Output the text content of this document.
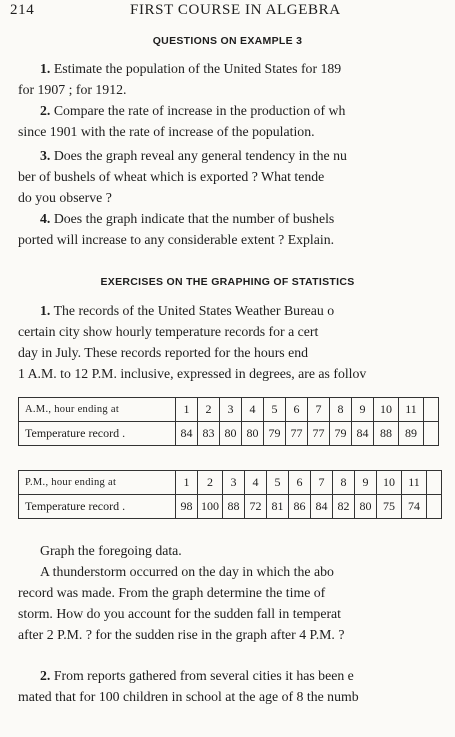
214	FIRST COURSE IN ALGEBRA
QUESTIONS ON EXAMPLE 3
1. Estimate the population of the United States for 189
for 1907 ; for 1912.
2. Compare the rate of increase in the production of wh
since 1901 with the rate of increase of the population.
3. Does the graph reveal any general tendency in the nu
ber of bushels of wheat which is exported ? What tende
do you observe ?
4. Does the graph indicate that the number of bushels
ported will increase to any considerable extent ? Explain.
EXERCISES ON THE GRAPHING OF STATISTICS
1. The records of the United States Weather Bureau o
certain city show hourly temperature records for a cert
day in July. These records reported for the hours end
1 A.M. to 12 P.M. inclusive, expressed in degrees, are as follov
A.M., hour ending at	1	2	3	4	5	6	7	8	9	10	11	
Temperature record .	84	83	80	80	79	77	77	79	84	88	89	
P.M., hour ending at	1	2	3	4	5	6	7	8	9	10	11	
Temperature record .	98	100	88	72	81	86	84	82	80	75	74	
Graph the foregoing data.
A thunderstorm occurred on the day in which the abo
record was made. From the graph determine the time of
storm. How do you account for the sudden fall in temperat
after 2 P.M. ? for the sudden rise in the graph after 4 P.M. ?
2. From reports gathered from several cities it has been e
mated that for 100 children in school at the age of 8 the numb
